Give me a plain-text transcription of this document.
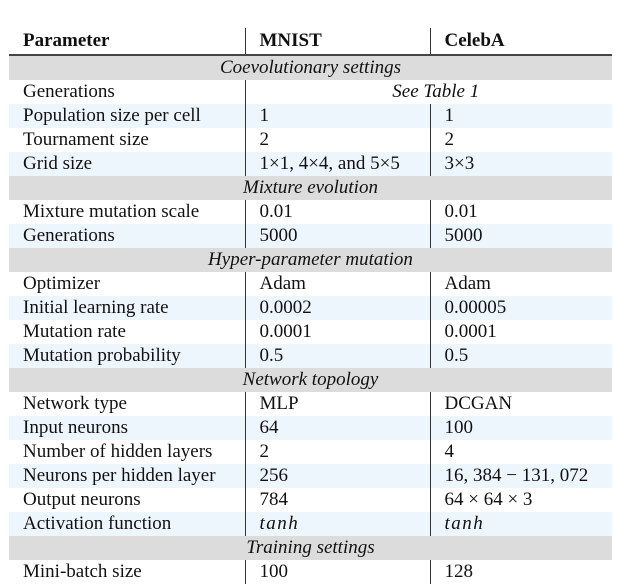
Parameter	MNIST	CelebA
Coevolutionary settings		
Generations	See Table 1	
Population size per cell	1	1
Tournament size	2	2
Grid size	1×1, 4×4, and 5×5	3×3
Mixture evolution		
Mixture mutation scale	0.01	0.01
Generations	5000	5000
Hyper-parameter mutation		
Optimizer	Adam	Adam
Initial learning rate	0.0002	0.00005
Mutation rate	0.0001	0.0001
Mutation probability	0.5	0.5
Network topology		
Network type	MLP	DCGAN
Input neurons	64	100
Number of hidden layers	2	4
Neurons per hidden layer	256	16, 384 − 131, 072
Output neurons	784	64 × 64 × 3
Activation function	tanh	tanh
Training settings		
Mini-batch size	100	128
